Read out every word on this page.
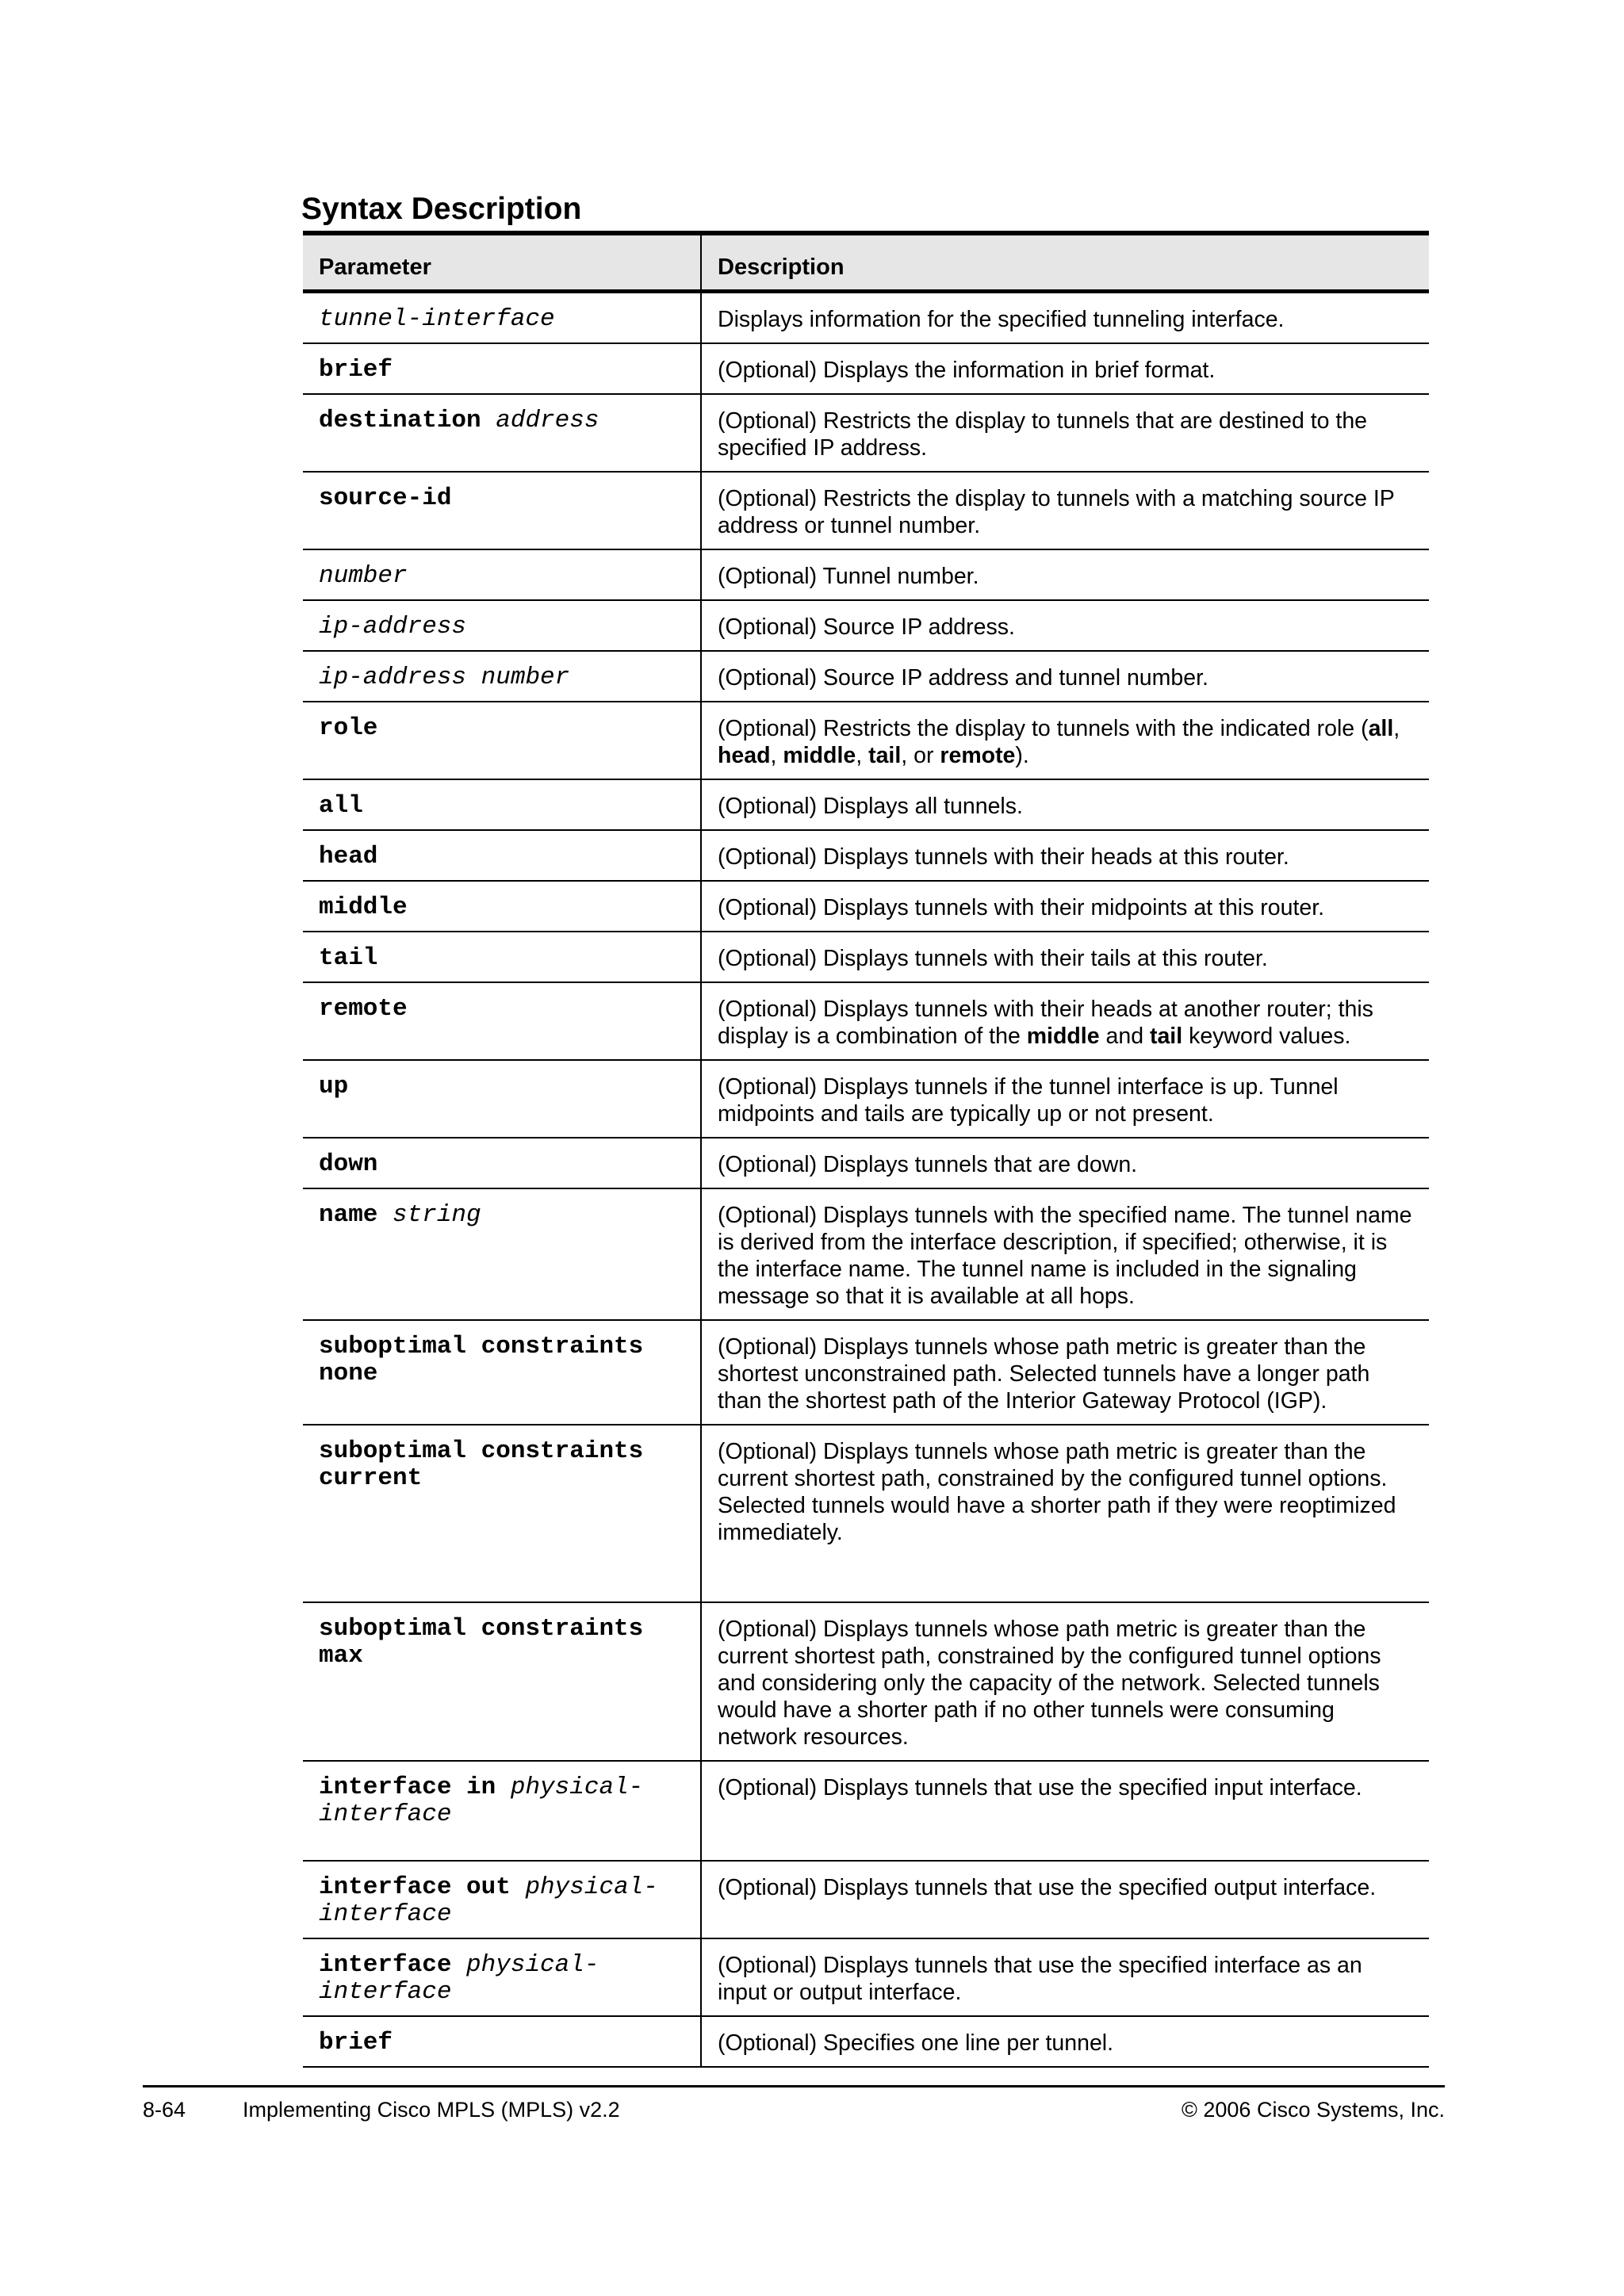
Syntax Description
Parameter	Description
tunnel-interface	Displays information for the specified tunneling interface.
brief	(Optional) Displays the information in brief format.
destination address	(Optional) Restricts the display to tunnels that are destined to the specified IP address.
source-id	(Optional) Restricts the display to tunnels with a matching source IP address or tunnel number.
number	(Optional) Tunnel number.
ip-address	(Optional) Source IP address.
ip-address number	(Optional) Source IP address and tunnel number.
role	(Optional) Restricts the display to tunnels with the indicated role (all, head, middle, tail, or remote).
all	(Optional) Displays all tunnels.
head	(Optional) Displays tunnels with their heads at this router.
middle	(Optional) Displays tunnels with their midpoints at this router.
tail	(Optional) Displays tunnels with their tails at this router.
remote	(Optional) Displays tunnels with their heads at another router; this display is a combination of the middle and tail keyword values.
up	(Optional) Displays tunnels if the tunnel interface is up. Tunnel midpoints and tails are typically up or not present.
down	(Optional) Displays tunnels that are down.
name string	(Optional) Displays tunnels with the specified name. The tunnel name is derived from the interface description, if specified; otherwise, it is the interface name. The tunnel name is included in the signaling message so that it is available at all hops.
suboptimal constraints none	(Optional) Displays tunnels whose path metric is greater than the shortest unconstrained path. Selected tunnels have a longer path than the shortest path of the Interior Gateway Protocol (IGP).
suboptimal constraints current	(Optional) Displays tunnels whose path metric is greater than the current shortest path, constrained by the configured tunnel options. Selected tunnels would have a shorter path if they were reoptimized immediately.
suboptimal constraints max	(Optional) Displays tunnels whose path metric is greater than the current shortest path, constrained by the configured tunnel options and considering only the capacity of the network. Selected tunnels would have a shorter path if no other tunnels were consuming network resources.
interface in physical-interface	(Optional) Displays tunnels that use the specified input interface.
interface out physical-interface	(Optional) Displays tunnels that use the specified output interface.
interface physical-interface	(Optional) Displays tunnels that use the specified interface as an input or output interface.
brief	(Optional) Specifies one line per tunnel.
8-64	Implementing Cisco MPLS (MPLS) v2.2	© 2006 Cisco Systems, Inc.
